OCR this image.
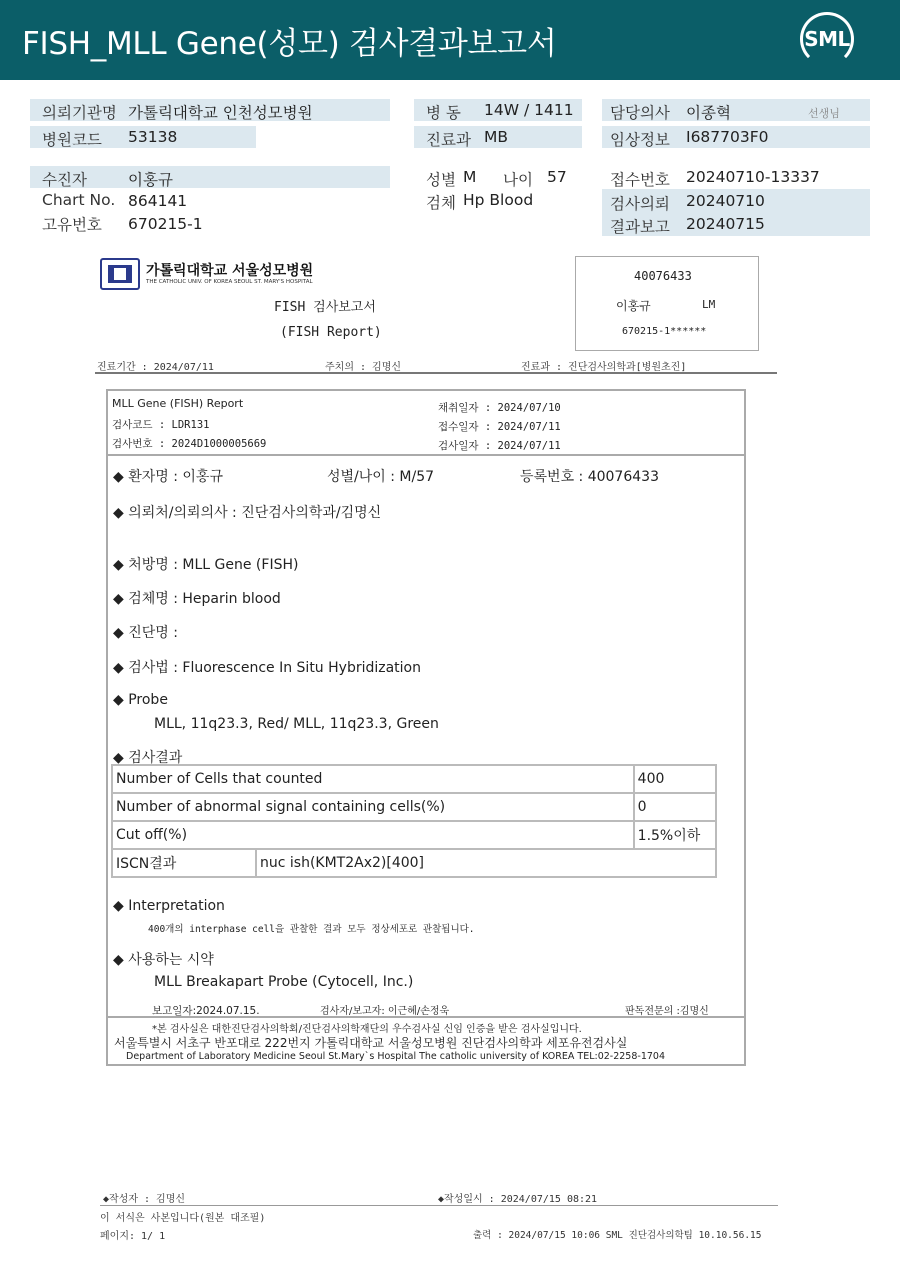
FISH_MLL Gene(성모) 검사결과보고서	SML
의뢰기관명 가톨릭대학교 인천성모병원
병원코드 53138
병 동 14W / 1411
진료과 MB
담당의사 이종혁	선생님
임상정보 I687703F0
수진자	이홍규
Chart No. 864141
고유번호 670215-1
성별 M 나이 57
검체 Hp Blood
접수번호 20240710-13337
검사의뢰 20240710
결과보고 20240715
가톨릭대학교 서울성모병원
THE CATHOLIC UNIV. OF KOREA SEOUL ST. MARY'S HOSPITAL
FISH 검사보고서
(FISH Report)
40076433
이홍규	LM
670215-1******
진료기간 : 2024/07/11	주치의 : 김명신	진료과 : 진단검사의학과[병원초진]
MLL Gene (FISH) Report
검사코드 : LDR131
검사번호 : 2024D1000005669
채취일자 : 2024/07/10
접수일자 : 2024/07/11
검사일자 : 2024/07/11
◆ 환자명 : 이홍규	성별/나이 : M/57	등록번호 : 40076433
◆ 의뢰처/의뢰의사 : 진단검사의학과/김명신
◆ 처방명 : MLL Gene (FISH)
◆ 검체명 : Heparin blood
◆ 진단명 :
◆ 검사법 : Fluorescence In Situ Hybridization
◆ Probe
MLL, 11q23.3, Red/ MLL, 11q23.3, Green
◆ 검사결과
Number of Cells that counted		400
Number of abnormal signal containing cells(%)		0
Cut off(%)		1.5%이하
ISCN결과	nuc ish(KMT2Ax2)[400]	
◆ Interpretation
400개의 interphase cell을 관찰한 결과 모두 정상세포로 관찰됩니다.
◆ 사용하는 시약
MLL Breakapart Probe (Cytocell, Inc.)
보고일자:2024.07.15.	검사자/보고자: 이근혜/손정욱	판독전문의 :김명신
*본 검사실은 대한진단검사의학회/진단검사의학재단의 우수검사실 신임 인증을 받은 검사실입니다.
서울특별시 서초구 반포대로 222번지 가톨릭대학교 서울성모병원 진단검사의학과 세포유전검사실
Department of Laboratory Medicine Seoul St.Mary`s Hospital The catholic university of KOREA TEL:02-2258-1704
◆작성자 : 김명신	◆작성일시 : 2024/07/15 08:21
이 서식은 사본입니다(원본 대조필)
페이지: 1/ 1	출력 : 2024/07/15 10:06 SML 진단검사의학팀 10.10.56.15
